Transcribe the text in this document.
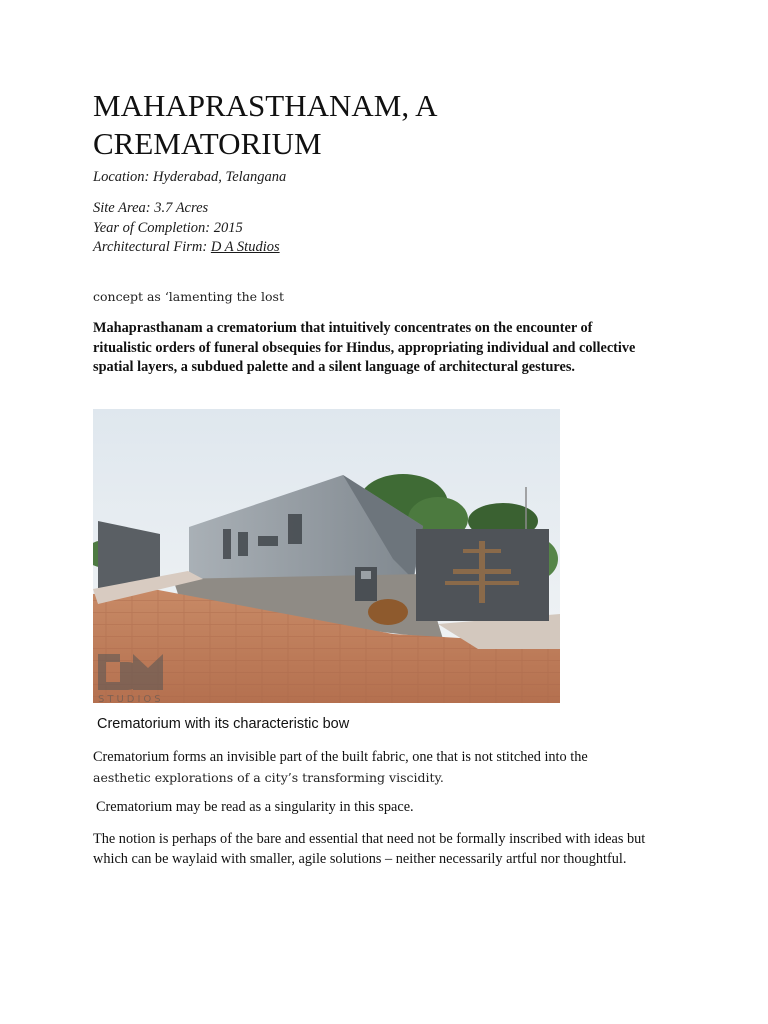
MAHAPRASTHANAM, A
CREMATORIUM
Location: Hyderabad, Telangana
Site Area: 3.7 Acres
Year of Completion: 2015
Architectural Firm: D A Studios
concept as ‘lamenting the lost

Mahaprasthanam a crematorium that intuitively concentrates on the encounter of ritualistic orders of funeral obsequies for Hindus, appropriating individual and collective spatial layers, a subdued palette and a silent language of architectural gestures.

STUDIOS
Crematorium with its characteristic bow
Crematorium forms an invisible part of the built fabric, one that is not stitched into the
aesthetic explorations of a city’s transforming viscidity.
Crematorium may be read as a singularity in this space.

The notion is perhaps of the bare and essential that need not be formally inscribed with ideas but which can be waylaid with smaller, agile solutions – neither necessarily artful nor thoughtful.
